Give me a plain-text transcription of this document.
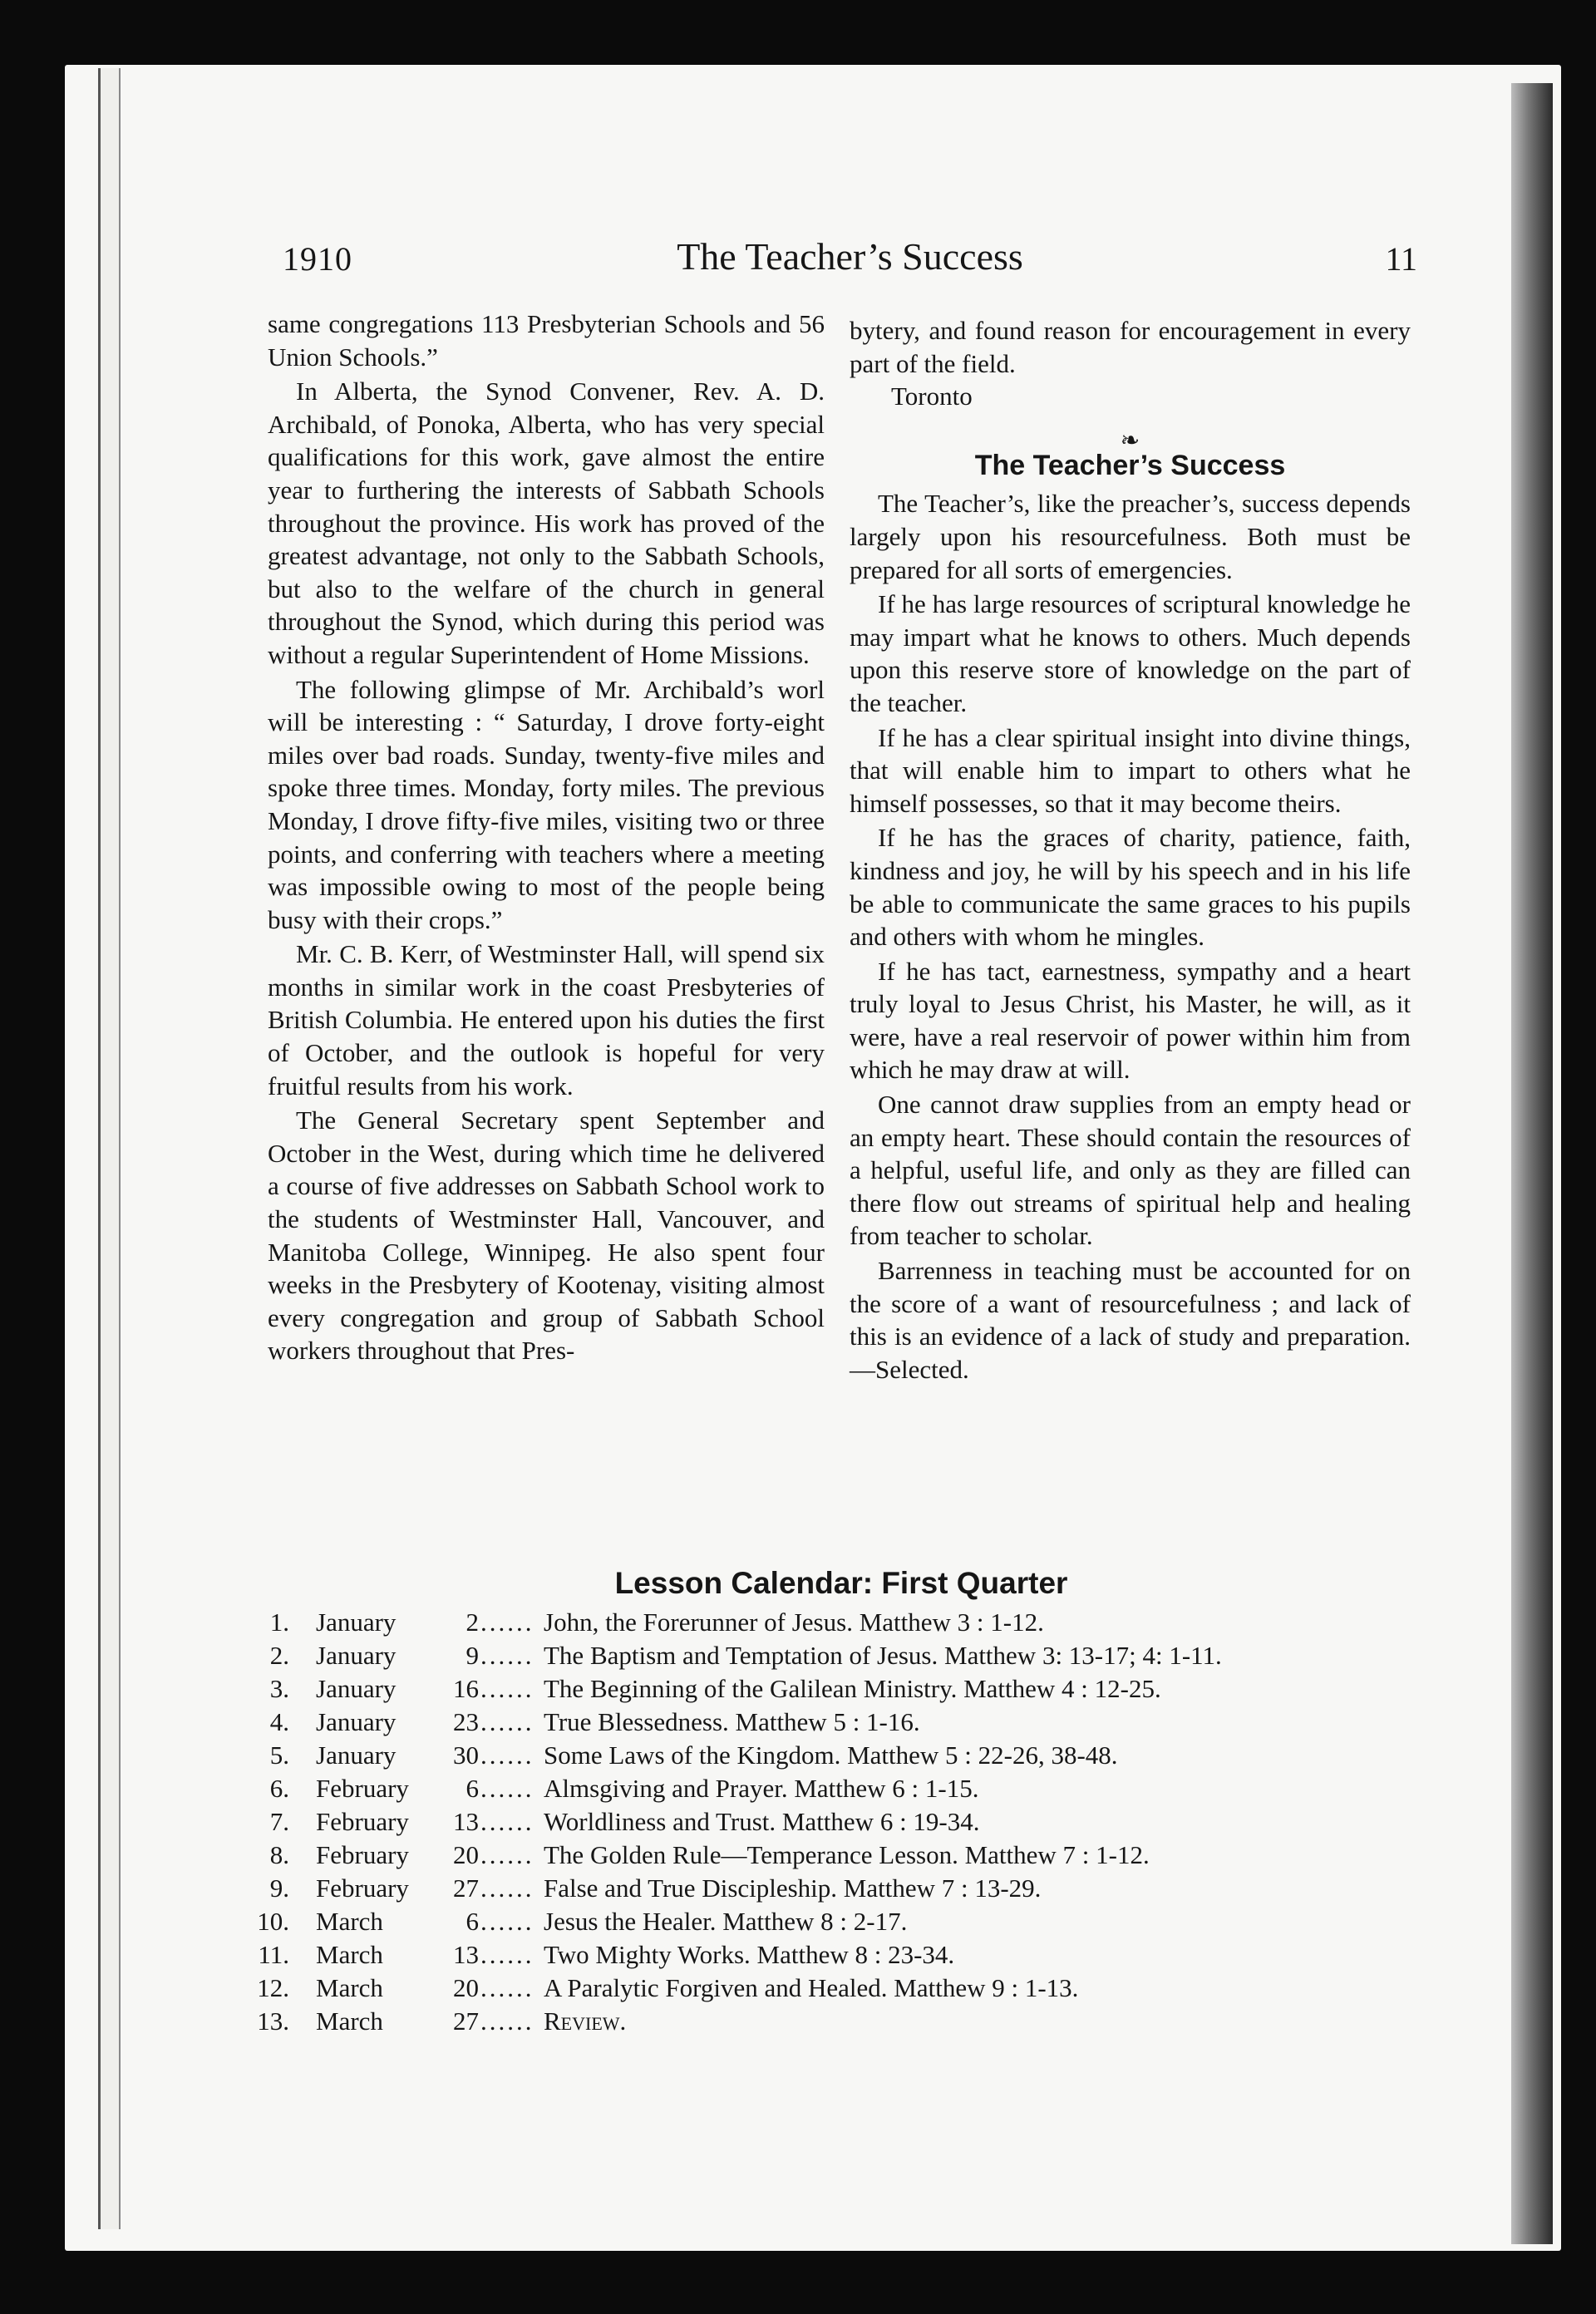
1910	The Teacher’s Success	11

same congregations 113 Presbyterian Schools and 56 Union Schools.”

In Alberta, the Synod Convener, Rev. A. D. Archibald, of Ponoka, Alberta, who has very special qualifications for this work, gave almost the entire year to furthering the interests of Sabbath Schools throughout the province. His work has proved of the greatest advantage, not only to the Sabbath Schools, but also to the welfare of the church in general throughout the Synod, which during this period was without a regular Superintendent of Home Missions.

The following glimpse of Mr. Archibald’s worl will be interesting : “ Saturday, I drove forty-eight miles over bad roads. Sunday, twenty-five miles and spoke three times. Monday, forty miles. The previous Monday, I drove fifty-five miles, visiting two or three points, and conferring with teachers where a meeting was impossible owing to most of the people being busy with their crops.”

Mr. C. B. Kerr, of Westminster Hall, will spend six months in similar work in the coast Presbyteries of British Columbia. He entered upon his duties the first of October, and the outlook is hopeful for very fruitful results from his work.

The General Secretary spent September and October in the West, during which time he delivered a course of five addresses on Sabbath School work to the students of Westminster Hall, Vancouver, and Manitoba College, Winnipeg. He also spent four weeks in the Presbytery of Kootenay, visiting almost every congregation and group of Sabbath School workers throughout that Pres-

bytery, and found reason for encouragement in every part of the field.

Toronto

❧
The Teacher’s Success

The Teacher’s, like the preacher’s, success depends largely upon his resourcefulness. Both must be prepared for all sorts of emergencies.

If he has large resources of scriptural knowledge he may impart what he knows to others. Much depends upon this reserve store of knowledge on the part of the teacher.

If he has a clear spiritual insight into divine things, that will enable him to impart to others what he himself possesses, so that it may become theirs.

If he has the graces of charity, patience, faith, kindness and joy, he will by his speech and in his life be able to communicate the same graces to his pupils and others with whom he mingles.

If he has tact, earnestness, sympathy and a heart truly loyal to Jesus Christ, his Master, he will, as it were, have a real reservoir of power within him from which he may draw at will.

One cannot draw supplies from an empty head or an empty heart. These should contain the resources of a helpful, useful life, and only as they are filled can there flow out streams of spiritual help and healing from teacher to scholar.

Barrenness in teaching must be accounted for on the score of a want of resourcefulness ; and lack of this is an evidence of a lack of study and preparation.—Selected.

Lesson Calendar: First Quarter
1. January	2 ...... John, the Forerunner of Jesus. Matthew 3 : 1-12.
2. January	9 ...... The Baptism and Temptation of Jesus. Matthew 3: 13-17; 4: 1-11.
3. January	16 ...... The Beginning of the Galilean Ministry. Matthew 4 : 12-25.
4. January	23 ...... True Blessedness. Matthew 5 : 1-16.
5. January	30 ...... Some Laws of the Kingdom. Matthew 5 : 22-26, 38-48.
6. February	6 ...... Almsgiving and Prayer. Matthew 6 : 1-15.
7. February	13 ...... Worldliness and Trust. Matthew 6 : 19-34.
8. February	20 ...... The Golden Rule—Temperance Lesson. Matthew 7 : 1-12.
9. February	27 ...... False and True Discipleship. Matthew 7 : 13-29.
10. March	6 ...... Jesus the Healer. Matthew 8 : 2-17.
11. March	13 ...... Two Mighty Works. Matthew 8 : 23-34.
12. March	20 ...... A Paralytic Forgiven and Healed. Matthew 9 : 1-13.
13. March	27 ...... Review.
